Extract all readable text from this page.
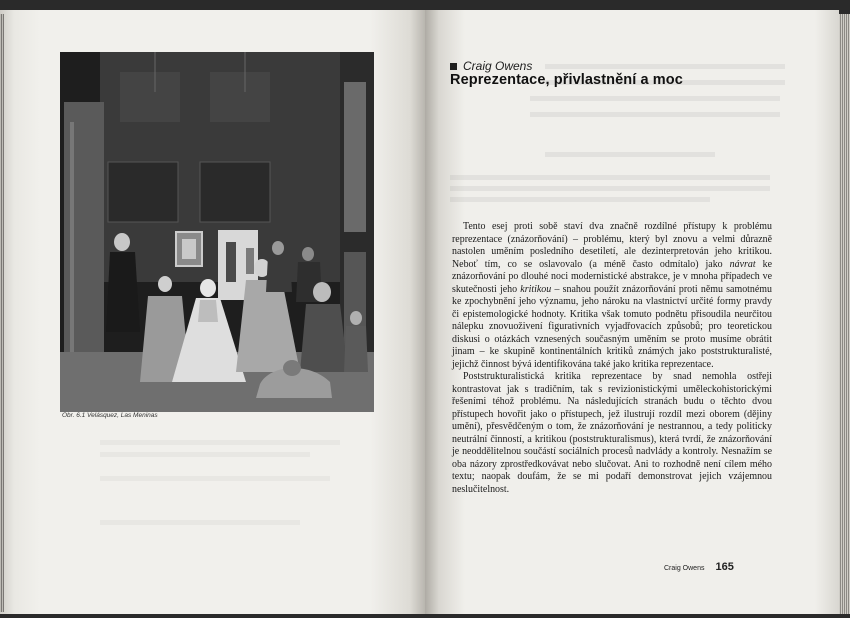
Obr. 6.1 Velásquez, Las Meninas
Craig Owens
Reprezentace, přivlastnění a moc

Tento esej proti sobě staví dva značně rozdílné přístupy k problému reprezentace (znázorňování) – problému, který byl znovu a velmi důrazně nastolen uměním posledního desetiletí, ale dezinterpretován jeho kritikou. Neboť tím, co se oslavovalo (a méně často odmítalo) jako návrat ke znázorňování po dlouhé noci modernistické abstrakce, je v mnoha případech ve skutečnosti jeho kritikou – snahou použít znázorňování proti němu samotnému ke zpochybnění jeho významu, jeho nároku na vlastnictví určité formy pravdy či epistemologické hodnoty. Kritika však tomuto podnětu přisoudila neurčitou nálepku znovuoživení figurativních vyjadřovacích způsobů; pro teoretickou diskusi o otázkách vznesených současným uměním se proto musíme obrátit jinam – ke skupině kontinentálních kritiků známých jako poststrukturalisté, jejichž činnost bývá identifikována také jako kritika reprezentace.

Poststrukturalistická kritika reprezentace by snad nemohla ostřeji kontrastovat jak s tradičním, tak s revizionistickými uměleckohistorickými řešeními téhož problému. Na následujících stranách budu o těchto dvou přístupech hovořit jako o přístupech, jež ilustrují rozdíl mezi oborem (dějiny umění), přesvědčeným o tom, že znázorňování je nestrannou, a tedy politicky neutrální činností, a kritikou (poststrukturalismus), která tvrdí, že znázorňování je neoddělitelnou součástí sociálních procesů nadvlády a kontroly. Nesnažím se oba názory zprostředkovávat nebo slučovat. Ani to rozhodně není cílem mého textu; naopak doufám, že se mi podaří demonstrovat jejich vzájemnou neslučitelnost.

Craig Owens 165
